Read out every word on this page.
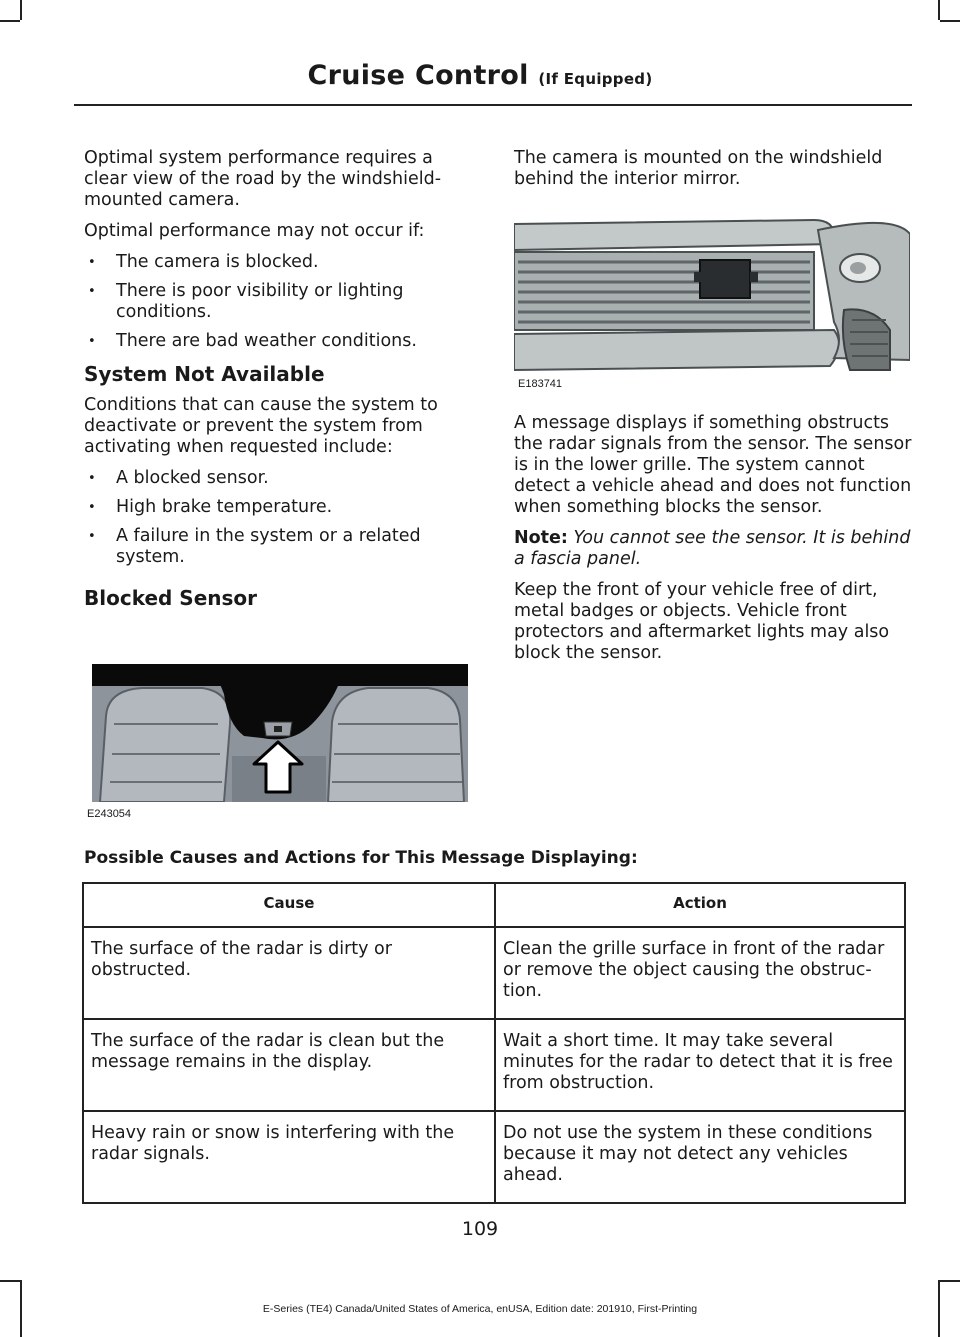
Cruise Control (If Equipped)

Optimal system performance requires a clear view of the road by the windshield-mounted camera.

Optimal performance may not occur if:

• The camera is blocked.
• There is poor visibility or lighting conditions.
• There are bad weather conditions.
System Not Available

Conditions that can cause the system to deactivate or prevent the system from activating when requested include:

• A blocked sensor.
• High brake temperature.
• A failure in the system or a related system.
Blocked Sensor
E243054

The camera is mounted on the windshield behind the interior mirror.

E183741

A message displays if something obstructs the radar signals from the sensor. The sensor is in the lower grille. The system cannot detect a vehicle ahead and does not function when something blocks the sensor.

Note: You cannot see the sensor. It is behind a fascia panel.

Keep the front of your vehicle free of dirt, metal badges or objects. Vehicle front protectors and aftermarket lights may also block the sensor.

Possible Causes and Actions for This Message Displaying:
Cause	Action
The surface of the radar is dirty or obstructed.	Clean the grille surface in front of the radar or remove the object causing the obstruc-tion.
The surface of the radar is clean but the message remains in the display.	Wait a short time. It may take several minutes for the radar to detect that it is free from obstruction.
Heavy rain or snow is interfering with the radar signals.	Do not use the system in these conditions because it may not detect any vehicles ahead.
109
E-Series (TE4) Canada/United States of America, enUSA, Edition date: 201910, First-Printing
